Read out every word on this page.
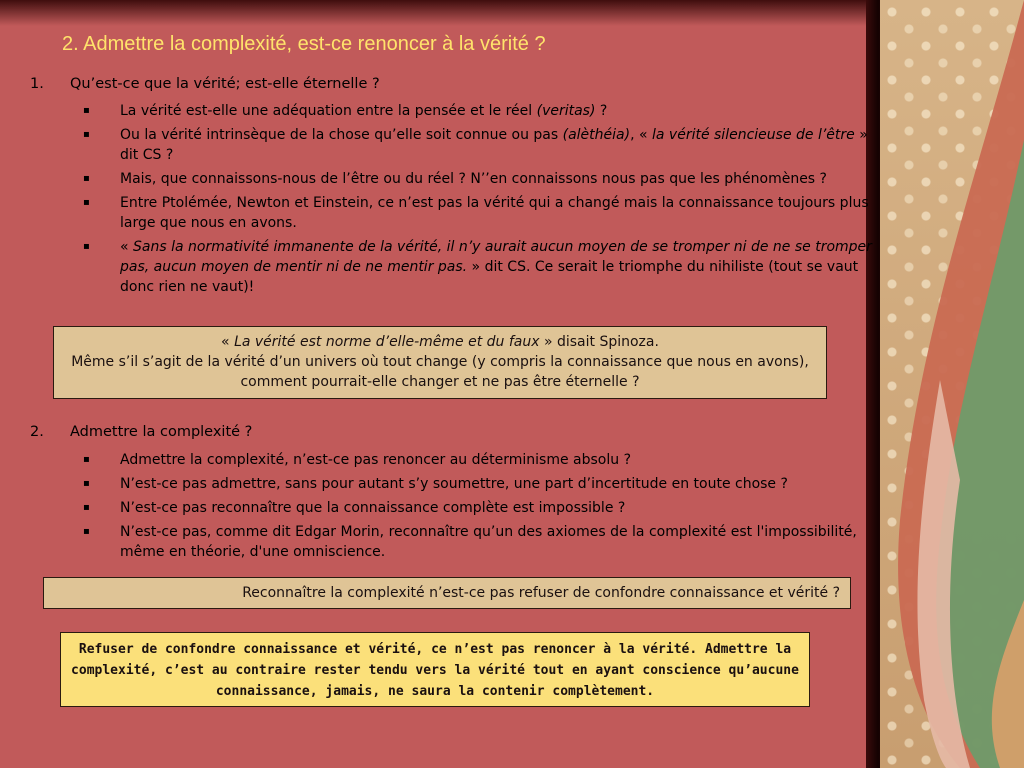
2. Admettre la complexité, est-ce renoncer à la vérité ?
1. Qu’est-ce que la vérité; est-elle éternelle ?
▪ La vérité est-elle une adéquation entre la pensée et le réel (veritas) ?
▪ Ou la vérité intrinsèque de la chose qu’elle soit connue ou pas (alèthéia), « la vérité silencieuse de l’être » dit CS ?
▪ Mais, que connaissons-nous de l’être ou du réel ? N’’en connaissons nous pas que les phénomènes ?
▪ Entre Ptolémée, Newton et Einstein, ce n’est pas la vérité qui a changé mais la connaissance toujours plus large que nous en avons.
▪ « Sans la normativité immanente de la vérité, il n’y aurait aucun moyen de se tromper ni de ne se tromper pas, aucun moyen de mentir ni de ne mentir pas. » dit CS. Ce serait le triomphe du nihiliste (tout se vaut donc rien ne vaut)!
« La vérité est norme d’elle-même et du faux » disait Spinoza.
Même s’il s’agit de la vérité d’un univers où tout change (y compris la connaissance que nous en avons), comment pourrait-elle changer et ne pas être éternelle ?
2. Admettre la complexité ?
▪ Admettre la complexité, n’est-ce pas renoncer au déterminisme absolu ?
▪ N’est-ce pas admettre, sans pour autant s’y soumettre, une part d’incertitude en toute chose ?
▪ N’est-ce pas reconnaître que la connaissance complète est impossible ?
▪ N’est-ce pas, comme dit Edgar Morin, reconnaître qu’un des axiomes de la complexité est l'impossibilité, même en théorie, d'une omniscience.
Reconnaître la complexité n’est-ce pas refuser de confondre connaissance et vérité ?
Refuser de confondre connaissance et vérité, ce n’est pas renoncer à la vérité. Admettre la complexité, c’est au contraire rester tendu vers la vérité tout en ayant conscience qu’aucune connaissance, jamais, ne saura la contenir complètement.
